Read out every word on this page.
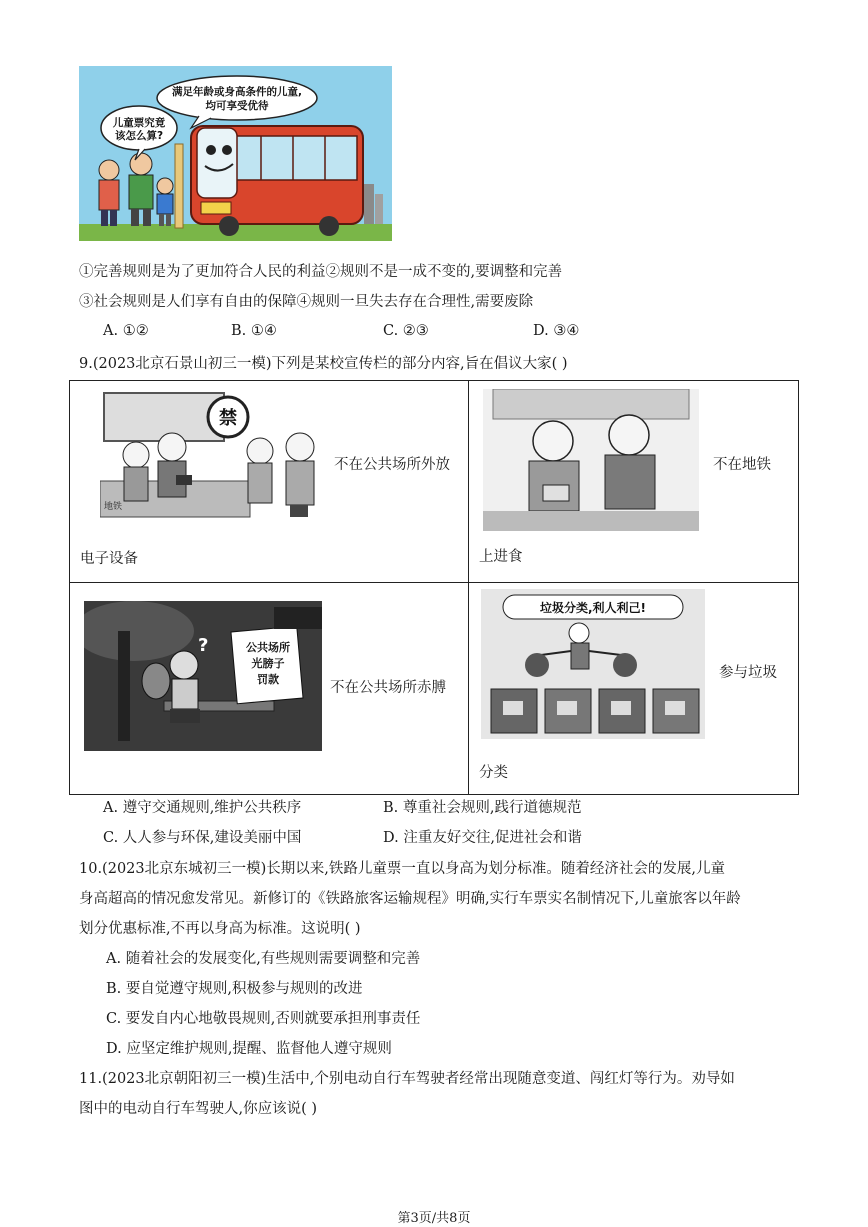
儿童票究竟
该怎么算?
满足年龄或身高条件的儿童,
均可享受优待
①完善规则是为了更加符合人民的利益②规则不是一成不变的,要调整和完善
③社会规则是人们享有自由的保障④规则一旦失去存在合理性,需要废除
A. ①②	B. ①④	C. ②③	D. ③④
9.(2023北京石景山初三一模)下列是某校宣传栏的部分内容,旨在倡议大家( )
地铁
禁
不在公共场所外放
电子设备
不在地铁
上进食
?	公共场所
光膀子
罚款
不在公共场所赤膊
垃圾分类,利人利己!
参与垃圾
分类
A. 遵守交通规则,维护公共秩序	B. 尊重社会规则,践行道德规范
C. 人人参与环保,建设美丽中国	D. 注重友好交往,促进社会和谐
10.(2023北京东城初三一模)长期以来,铁路儿童票一直以身高为划分标准。随着经济社会的发展,儿童
身高超高的情况愈发常见。新修订的《铁路旅客运输规程》明确,实行车票实名制情况下,儿童旅客以年龄
划分优惠标准,不再以身高为标准。这说明( )
A. 随着社会的发展变化,有些规则需要调整和完善
B. 要自觉遵守规则,积极参与规则的改进
C. 要发自内心地敬畏规则,否则就要承担刑事责任
D. 应坚定维护规则,提醒、监督他人遵守规则
11.(2023北京朝阳初三一模)生活中,个别电动自行车驾驶者经常出现随意变道、闯红灯等行为。劝导如
图中的电动自行车驾驶人,你应该说( )
第3页/共8页
